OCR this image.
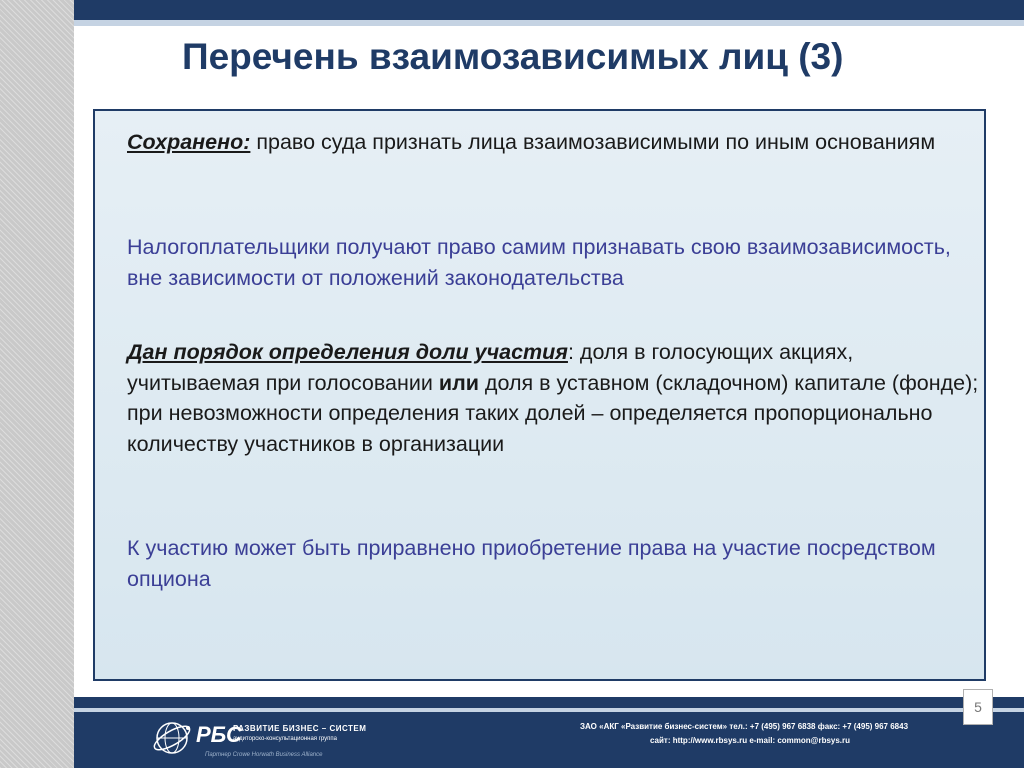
Перечень взаимозависимых лиц (3)

Сохранено: право суда признать лица взаимозависимыми по иным основаниям

Налогоплательщики получают право самим признавать свою взаимозависимость, вне зависимости от положений законодательства

Дан порядок определения доли участия: доля в голосующих акциях, учитываемая при голосовании или доля в уставном (складочном) капитале (фонде); при невозможности определения таких долей – определяется пропорционально количеству участников в организации

К участию может быть приравнено приобретение права на участие посредством опциона

5
РБС
РАЗВИТИЕ БИЗНЕС – СИСТЕМ
аудиторско-консультационная группа
Партнер Crowe Horwath Business Alliance
ЗАО «АКГ «Развитие бизнес-систем» тел.: +7 (495) 967 6838 факс: +7 (495) 967 6843
сайт: http://www.rbsys.ru e-mail: common@rbsys.ru
